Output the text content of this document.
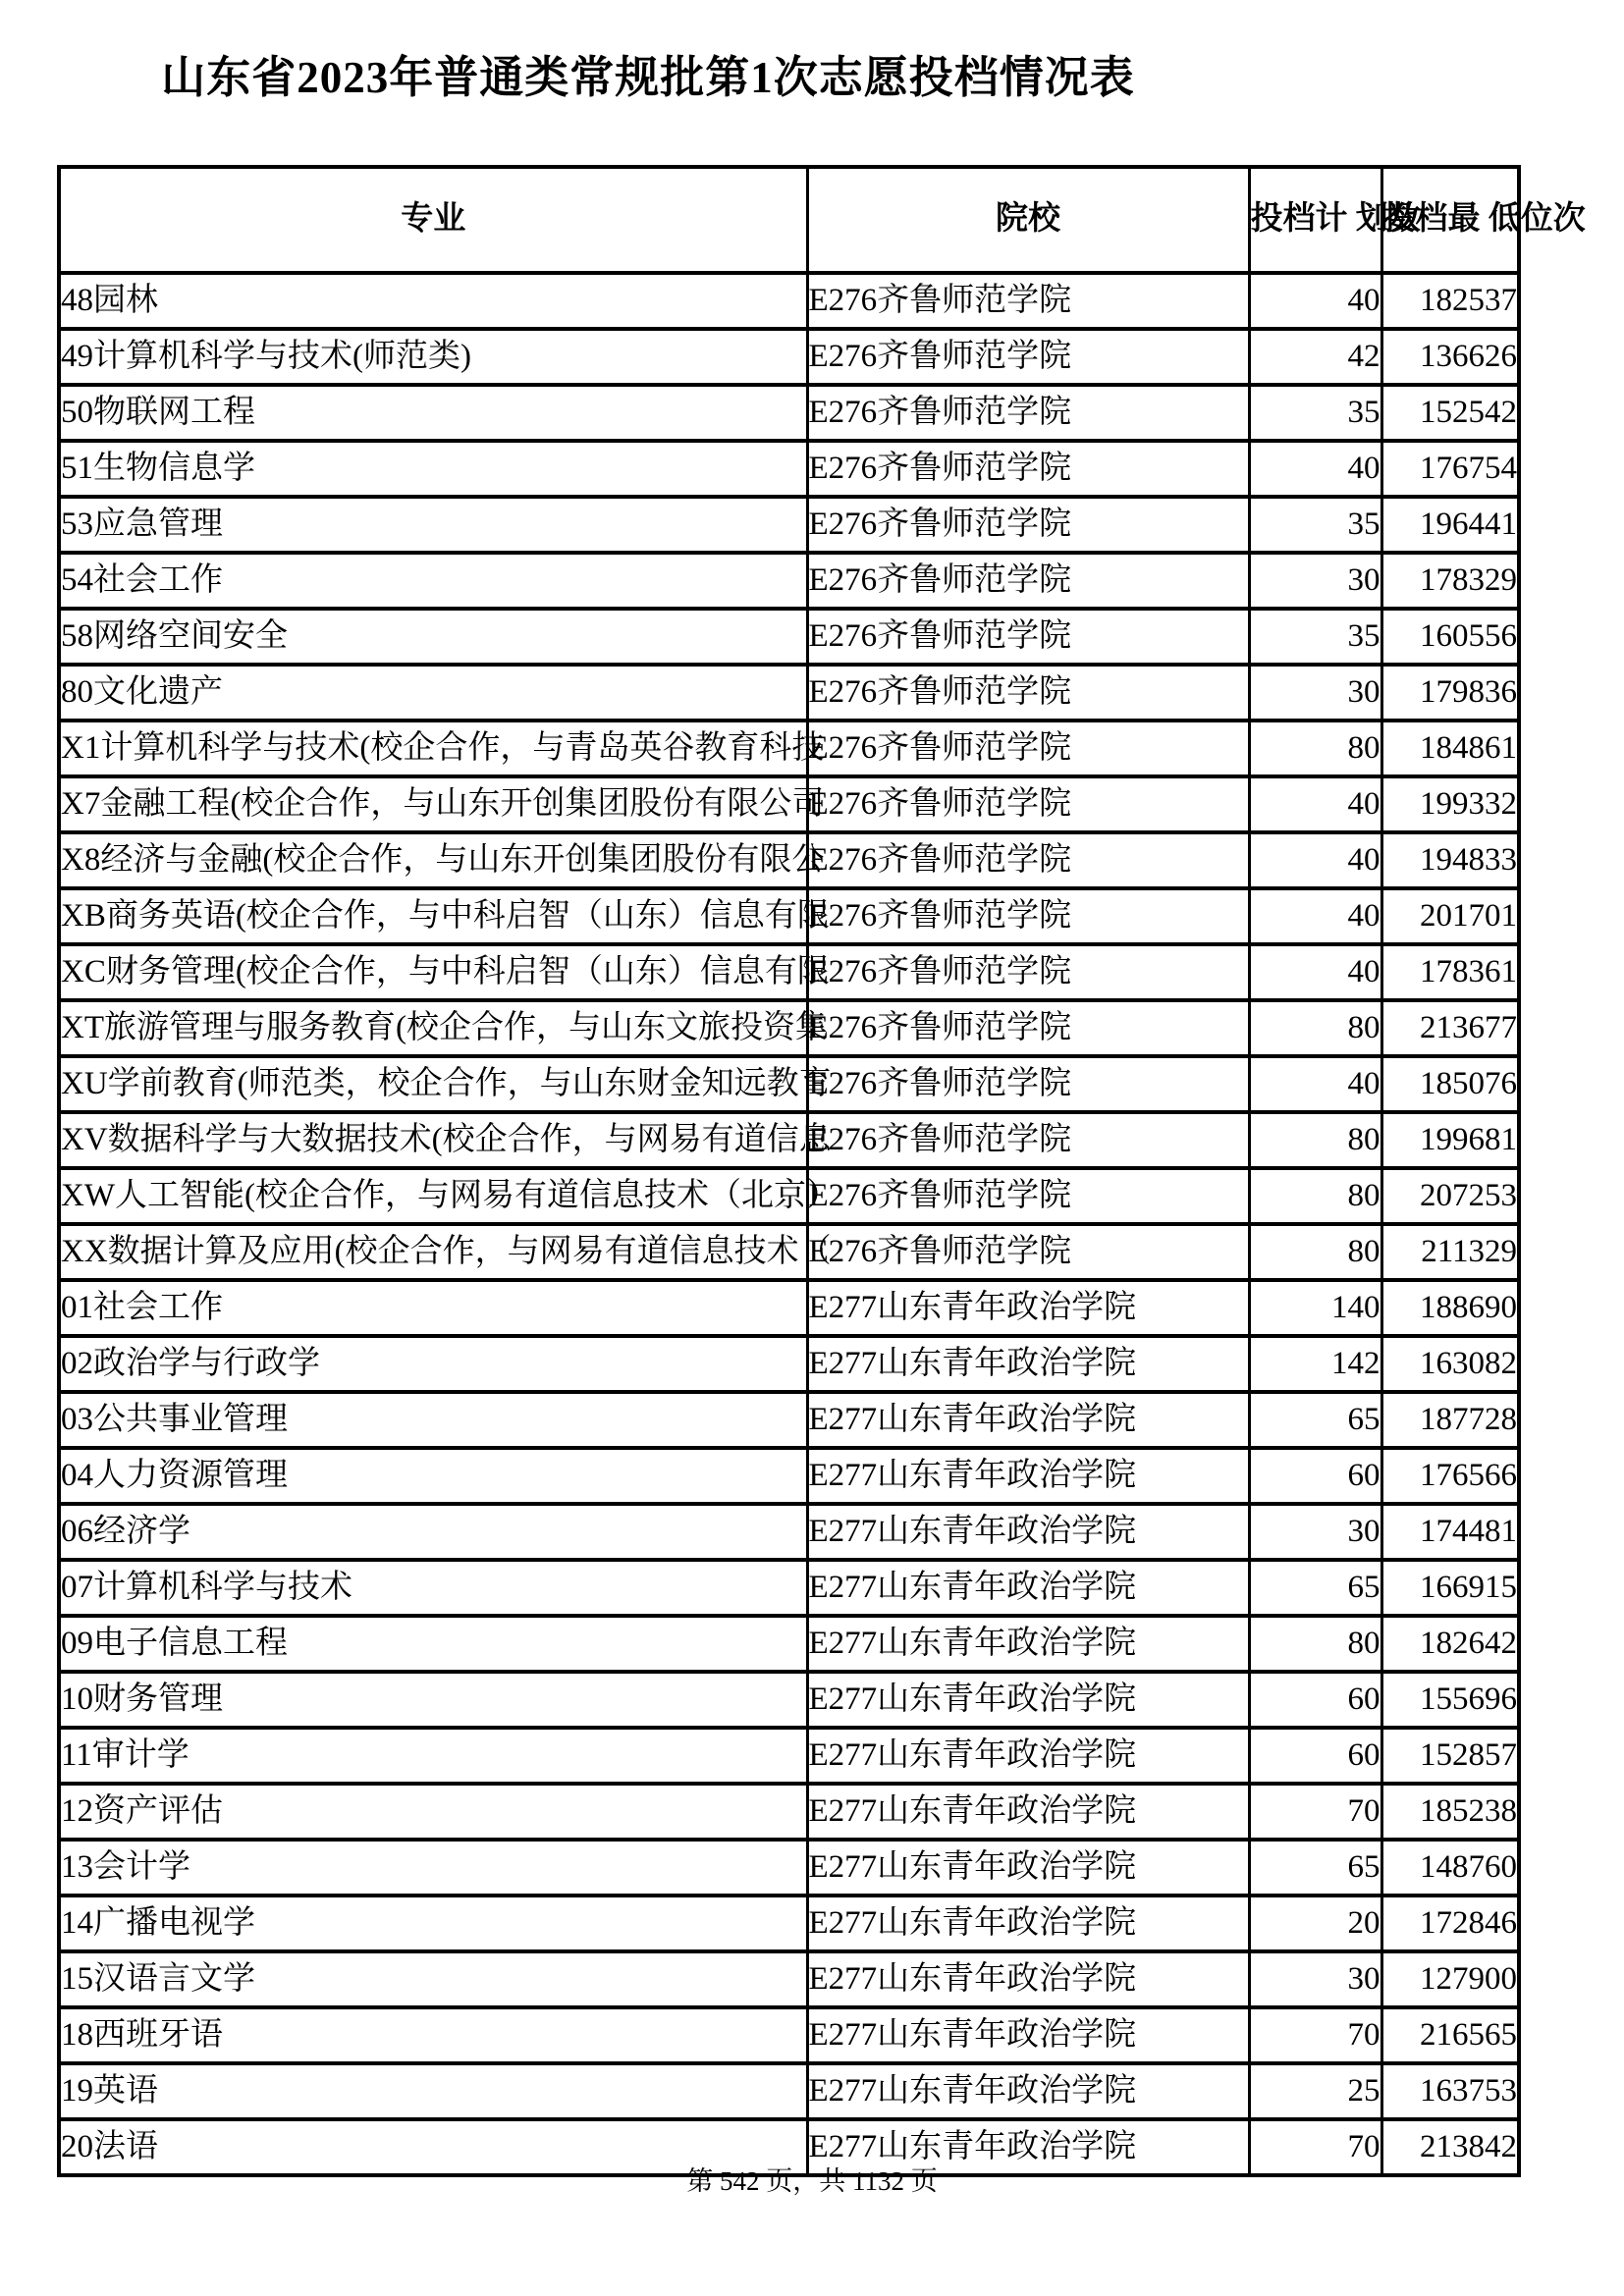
山东省2023年普通类常规批第1次志愿投档情况表
专业	院校	投档计 划数	投档最 低位次
48园林	E276齐鲁师范学院	40	182537
49计算机科学与技术(师范类)	E276齐鲁师范学院	42	136626
50物联网工程	E276齐鲁师范学院	35	152542
51生物信息学	E276齐鲁师范学院	40	176754
53应急管理	E276齐鲁师范学院	35	196441
54社会工作	E276齐鲁师范学院	30	178329
58网络空间安全	E276齐鲁师范学院	35	160556
80文化遗产	E276齐鲁师范学院	30	179836
X1计算机科学与技术(校企合作，与青岛英谷教育科技	E276齐鲁师范学院	80	184861
X7金融工程(校企合作，与山东开创集团股份有限公司	E276齐鲁师范学院	40	199332
X8经济与金融(校企合作，与山东开创集团股份有限公	E276齐鲁师范学院	40	194833
XB商务英语(校企合作，与中科启智（山东）信息有限	E276齐鲁师范学院	40	201701
XC财务管理(校企合作，与中科启智（山东）信息有限	E276齐鲁师范学院	40	178361
XT旅游管理与服务教育(校企合作，与山东文旅投资集	E276齐鲁师范学院	80	213677
XU学前教育(师范类，校企合作，与山东财金知远教育	E276齐鲁师范学院	40	185076
XV数据科学与大数据技术(校企合作，与网易有道信息	E276齐鲁师范学院	80	199681
XW人工智能(校企合作，与网易有道信息技术（北京）	E276齐鲁师范学院	80	207253
XX数据计算及应用(校企合作，与网易有道信息技术（	E276齐鲁师范学院	80	211329
01社会工作	E277山东青年政治学院	140	188690
02政治学与行政学	E277山东青年政治学院	142	163082
03公共事业管理	E277山东青年政治学院	65	187728
04人力资源管理	E277山东青年政治学院	60	176566
06经济学	E277山东青年政治学院	30	174481
07计算机科学与技术	E277山东青年政治学院	65	166915
09电子信息工程	E277山东青年政治学院	80	182642
10财务管理	E277山东青年政治学院	60	155696
11审计学	E277山东青年政治学院	60	152857
12资产评估	E277山东青年政治学院	70	185238
13会计学	E277山东青年政治学院	65	148760
14广播电视学	E277山东青年政治学院	20	172846
15汉语言文学	E277山东青年政治学院	30	127900
18西班牙语	E277山东青年政治学院	70	216565
19英语	E277山东青年政治学院	25	163753
20法语	E277山东青年政治学院	70	213842
第 542 页，共 1132 页
